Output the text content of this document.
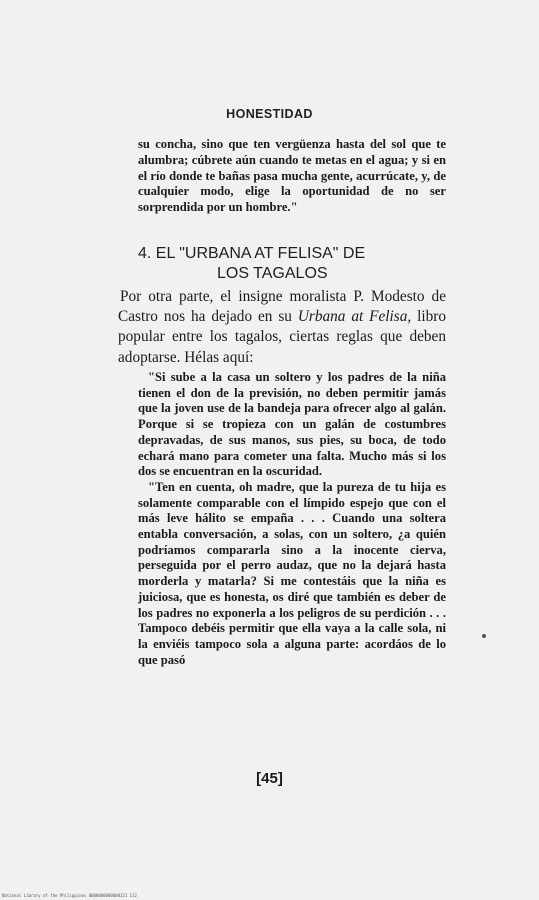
HONESTIDAD
su concha, sino que ten vergüenza hasta del sol que te alumbra; cúbrete aún cuando te metas en el agua; y si en el río donde te bañas pasa mucha gente, acurrúcate, y, de cualquier modo, elige la oportunidad de no ser sorprendida por un hombre."
4. EL "URBANA AT FELISA" DE
LOS TAGALOS
Por otra parte, el insigne moralista P. Modesto de Castro nos ha dejado en su Urbana at Felisa, libro popular entre los tagalos, ciertas reglas que deben adoptarse. Hélas aquí:

"Si sube a la casa un soltero y los padres de la niña tienen el don de la previsión, no deben permitir jamás que la joven use de la bandeja para ofrecer algo al galán. Porque si se tropieza con un galán de costumbres depravadas, de sus manos, sus pies, su boca, de todo echará mano para cometer una falta. Mucho más si los dos se encuentran en la oscuridad.

"Ten en cuenta, oh madre, que la pureza de tu hija es solamente comparable con el límpido espejo que con el más leve hálito se empaña . . . Cuando una soltera entabla conversación, a solas, con un soltero, ¿a quién podríamos compararla sino a la inocente cierva, perseguida por el perro audaz, que no la dejará hasta morderla y matarla? Si me contestáis que la niña es juiciosa, que es honesta, os diré que también es deber de los padres no exponerla a los peligros de su perdición . . . Tampoco debéis permitir que ella vaya a la calle sola, ni la enviéis tampoco sola a alguna parte: acordáos de lo que pasó

[45]
National Library of the Philippines 0000000000000121 112
